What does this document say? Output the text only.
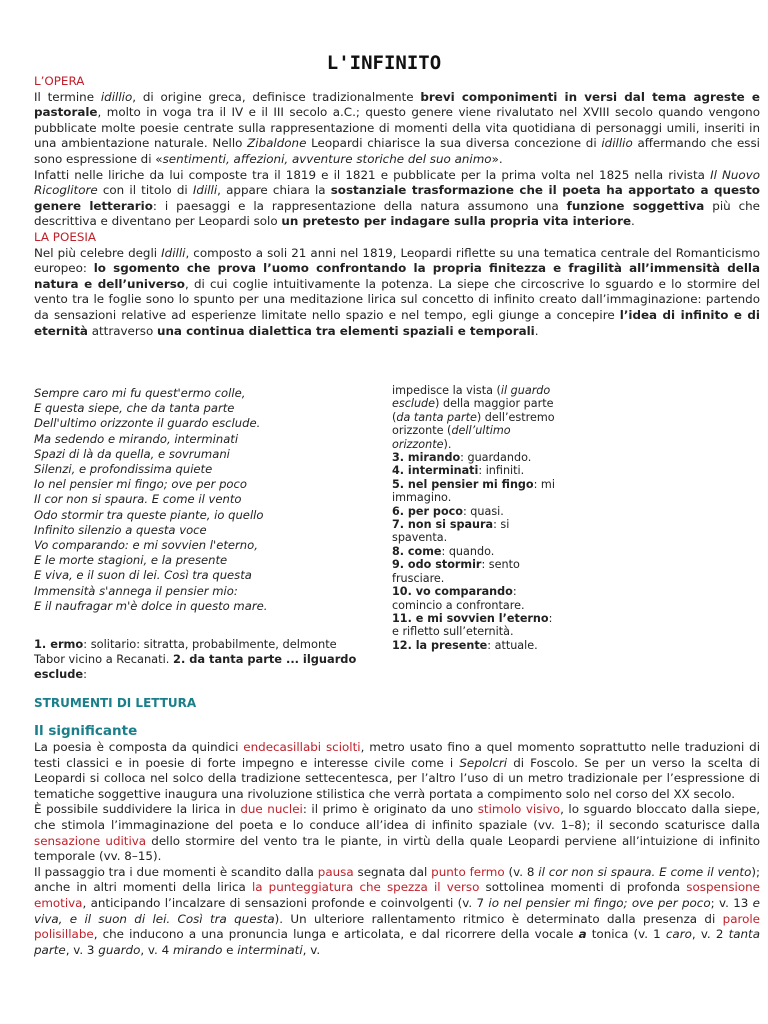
L'INFINITO

L’OPERA

Il termine idillio, di origine greca, definisce tradizionalmente brevi componimenti in versi dal tema agreste e pastorale, molto in voga tra il IV e il III secolo a.C.; questo genere viene rivalutato nel XVIII secolo quando vengono pubblicate molte poesie centrate sulla rappresentazione di momenti della vita quotidiana di personaggi umili, inseriti in una ambientazione naturale. Nello Zibaldone Leopardi chiarisce la sua diversa concezione di idillio affermando che essi sono espressione di «sentimenti, affezioni, avventure storiche del suo animo».

Infatti nelle liriche da lui composte tra il 1819 e il 1821 e pubblicate per la prima volta nel 1825 nella rivista Il Nuovo Ricoglitore con il titolo di Idilli, appare chiara la sostanziale trasformazione che il poeta ha apportato a questo genere letterario: i paesaggi e la rappresentazione della natura assumono una funzione soggettiva più che descrittiva e diventano per Leopardi solo un pretesto per indagare sulla propria vita interiore.

LA POESIA

Nel più celebre degli Idilli, composto a soli 21 anni nel 1819, Leopardi riflette su una tematica centrale del Romanticismo europeo: lo sgomento che prova l’uomo confrontando la propria finitezza e fragilità all’immensità della natura e dell’universo, di cui coglie intuitivamente la potenza. La siepe che circoscrive lo sguardo e lo stormire del vento tra le foglie sono lo spunto per una meditazione lirica sul concetto di infinito creato dall’immaginazione: partendo da sensazioni relative ad esperienze limitate nello spazio e nel tempo, egli giunge a concepire l’idea di infinito e di eternità attraverso una continua dialettica tra elementi spaziali e temporali.

Sempre caro mi fu quest'ermo colle,
E questa siepe, che da tanta parte
Dell'ultimo orizzonte il guardo esclude.
Ma sedendo e mirando, interminati
Spazi di là da quella, e sovrumani
Silenzi, e profondissima quiete
Io nel pensier mi fingo; ove per poco
Il cor non si spaura. E come il vento
Odo stormir tra queste piante, io quello
Infinito silenzio a questa voce
Vo comparando: e mi sovvien l'eterno,
E le morte stagioni, e la presente
E viva, e il suon di lei. Così tra questa
Immensità s'annega il pensier mio:
E il naufragar m'è dolce in questo mare.
1. ermo: solitario: sitratta, probabilmente, delmonte Tabor vicino a Recanati. 2. da tanta parte ... ilguardo esclude:
impedisce la vista (il guardo esclude) della maggior parte (da tanta parte) dell’estremo orizzonte (dell’ultimo orizzonte).
3. mirando: guardando.
4. interminati: infiniti.
5. nel pensier mi fingo: mi immagino.
6. per poco: quasi.
7. non si spaura: si spaventa.
8. come: quando.
9. odo stormir: sento frusciare.
10. vo comparando: comincio a confrontare.
11. e mi sovvien l’eterno: e rifletto sull’eternità.
12. la presente: attuale.
STRUMENTI DI LETTURA
Il significante

La poesia è composta da quindici endecasillabi sciolti, metro usato fino a quel momento soprattutto nelle traduzioni di testi classici e in poesie di forte impegno e interesse civile come i Sepolcri di Foscolo. Se per un verso la scelta di Leopardi si colloca nel solco della tradizione settecentesca, per l’altro l’uso di un metro tradizionale per l’espressione di tematiche soggettive inaugura una rivoluzione stilistica che verrà portata a compimento solo nel corso del XX secolo.

È possibile suddividere la lirica in due nuclei: il primo è originato da uno stimolo visivo, lo sguardo bloccato dalla siepe, che stimola l’immaginazione del poeta e lo conduce all’idea di infinito spaziale (vv. 1–8); il secondo scaturisce dalla sensazione uditiva dello stormire del vento tra le piante, in virtù della quale Leopardi perviene all’intuizione di infinito temporale (vv. 8–15).

Il passaggio tra i due momenti è scandito dalla pausa segnata dal punto fermo (v. 8 il cor non si spaura. E come il vento); anche in altri momenti della lirica la punteggiatura che spezza il verso sottolinea momenti di profonda sospensione emotiva, anticipando l’incalzare di sensazioni profonde e coinvolgenti (v. 7 io nel pensier mi fingo; ove per poco; v. 13 e viva, e il suon di lei. Così tra questa). Un ulteriore rallentamento ritmico è determinato dalla presenza di parole polisillabe, che inducono a una pronuncia lunga e articolata, e dal ricorrere della vocale a tonica (v. 1 caro, v. 2 tanta parte, v. 3 guardo, v. 4 mirando e interminati, v.
